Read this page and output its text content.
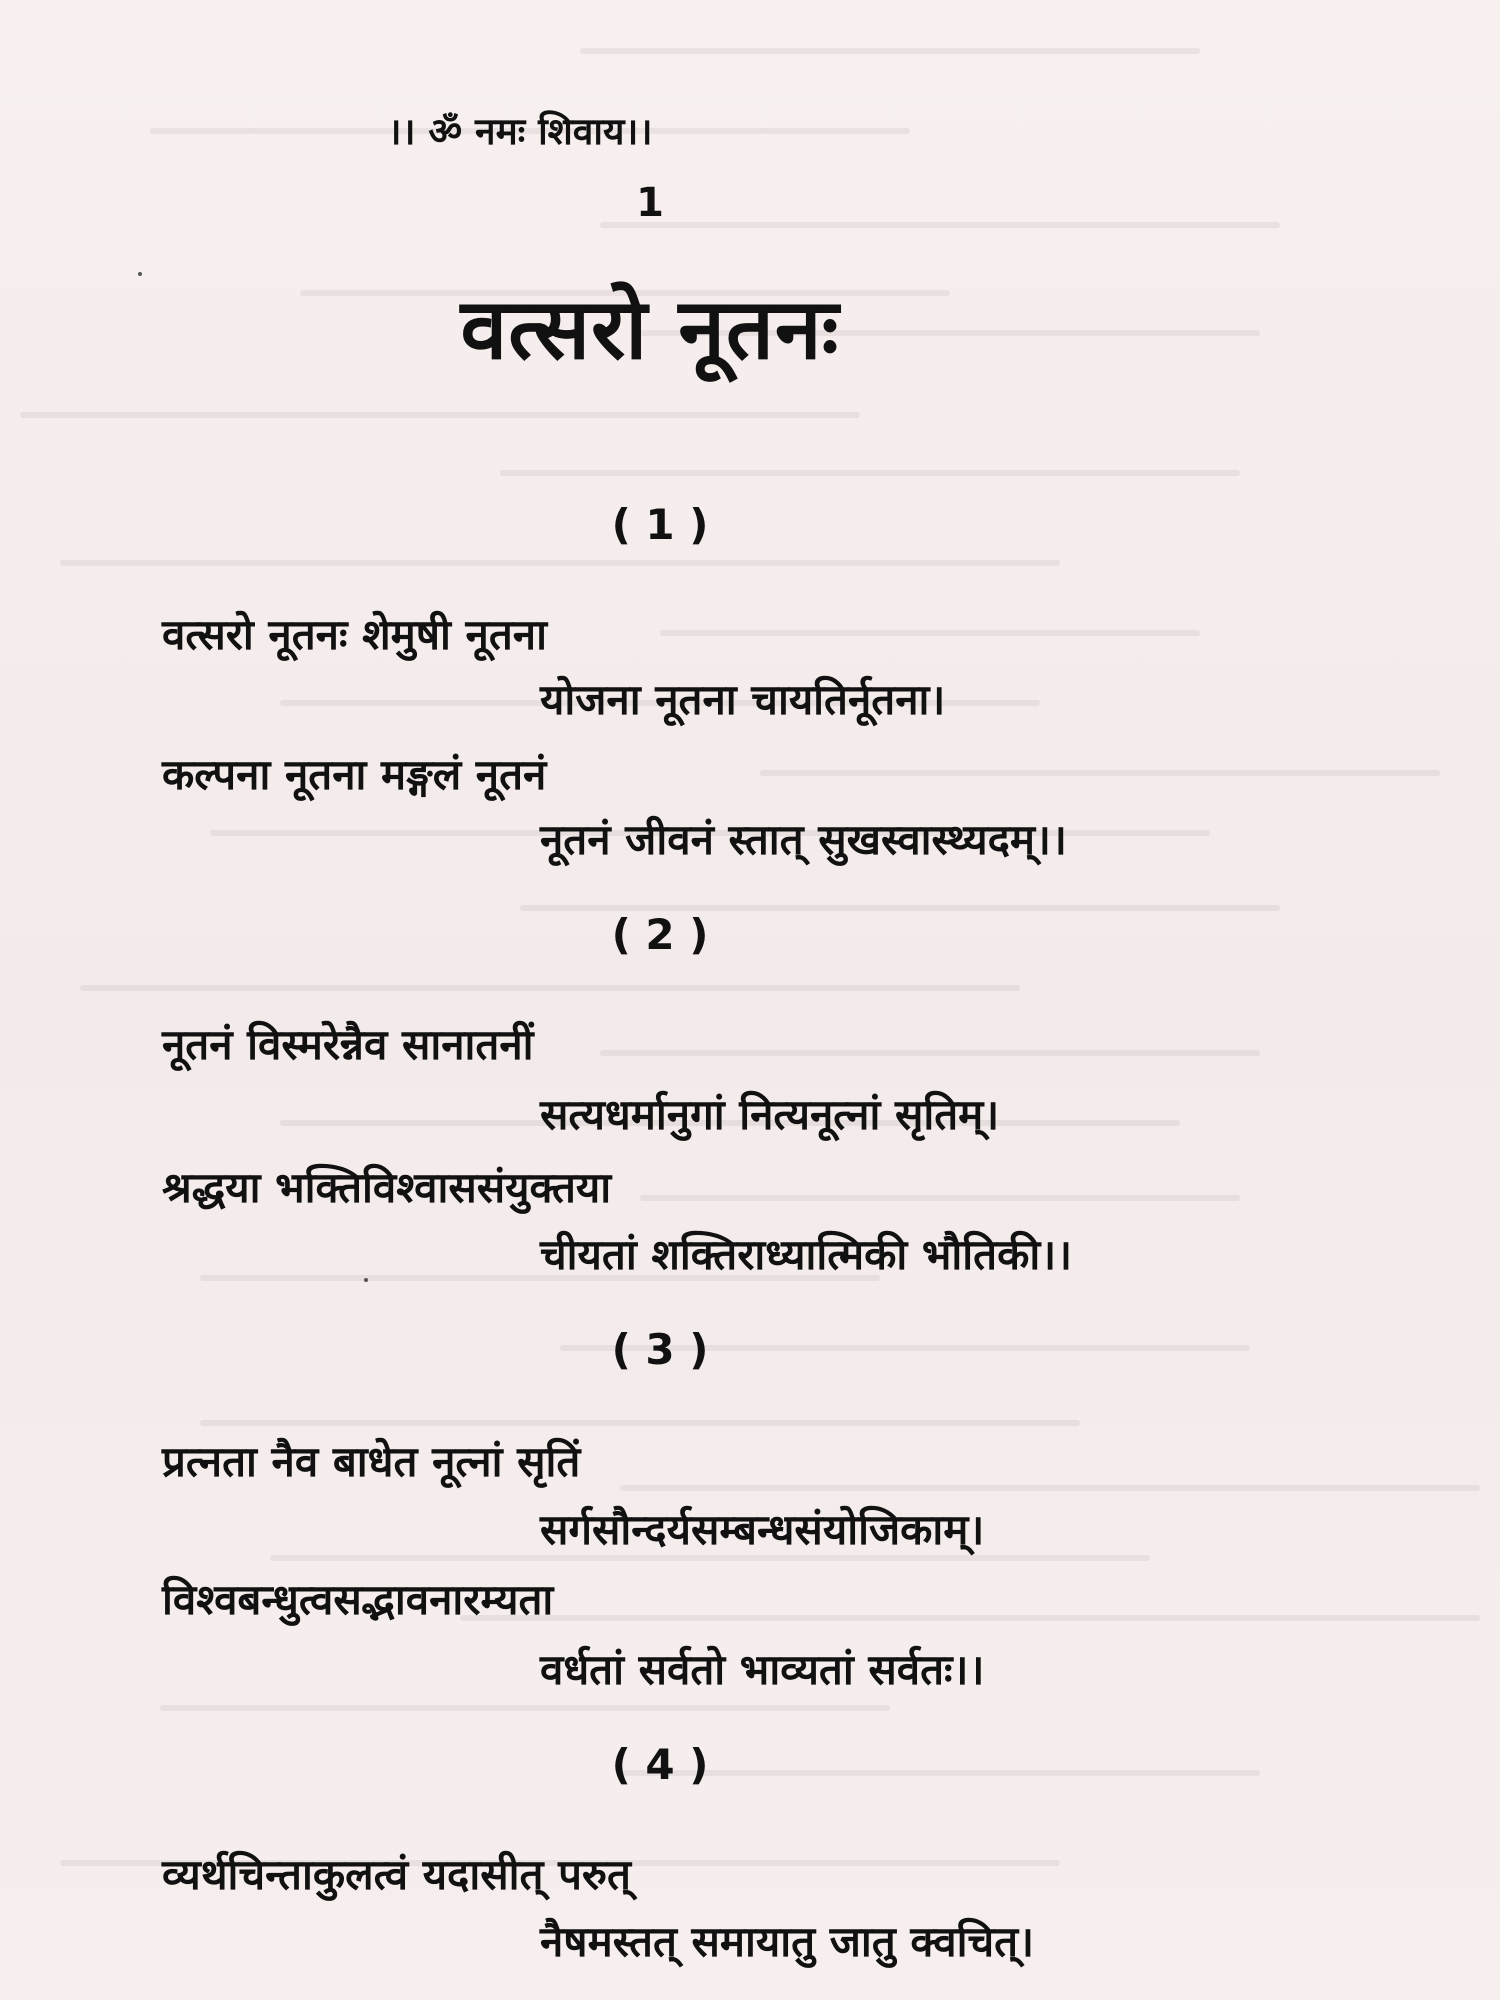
।। ॐ नमः शिवाय।।
1
वत्सरो नूतनः
( 1 )
वत्सरो नूतनः शेमुषी नूतना
योजना नूतना चायतिर्नूतना।
कल्पना नूतना मङ्गलं नूतनं
नूतनं जीवनं स्तात् सुखस्वास्थ्यदम्।।
( 2 )
नूतनं विस्मरेन्नैव सानातनीं
सत्यधर्मानुगां नित्यनूत्नां सृतिम्।
श्रद्धया भक्तिविश्वाससंयुक्तया
चीयतां शक्तिराध्यात्मिकी भौतिकी।।
( 3 )
प्रत्नता नैव बाधेत नूत्नां सृतिं
सर्गसौन्दर्यसम्बन्धसंयोजिकाम्।
विश्वबन्धुत्वसद्भावनारम्यता
वर्धतां सर्वतो भाव्यतां सर्वतः।।
( 4 )
व्यर्थचिन्ताकुलत्वं यदासीत् परुत्
नैषमस्तत् समायातु जातु क्वचित्।
